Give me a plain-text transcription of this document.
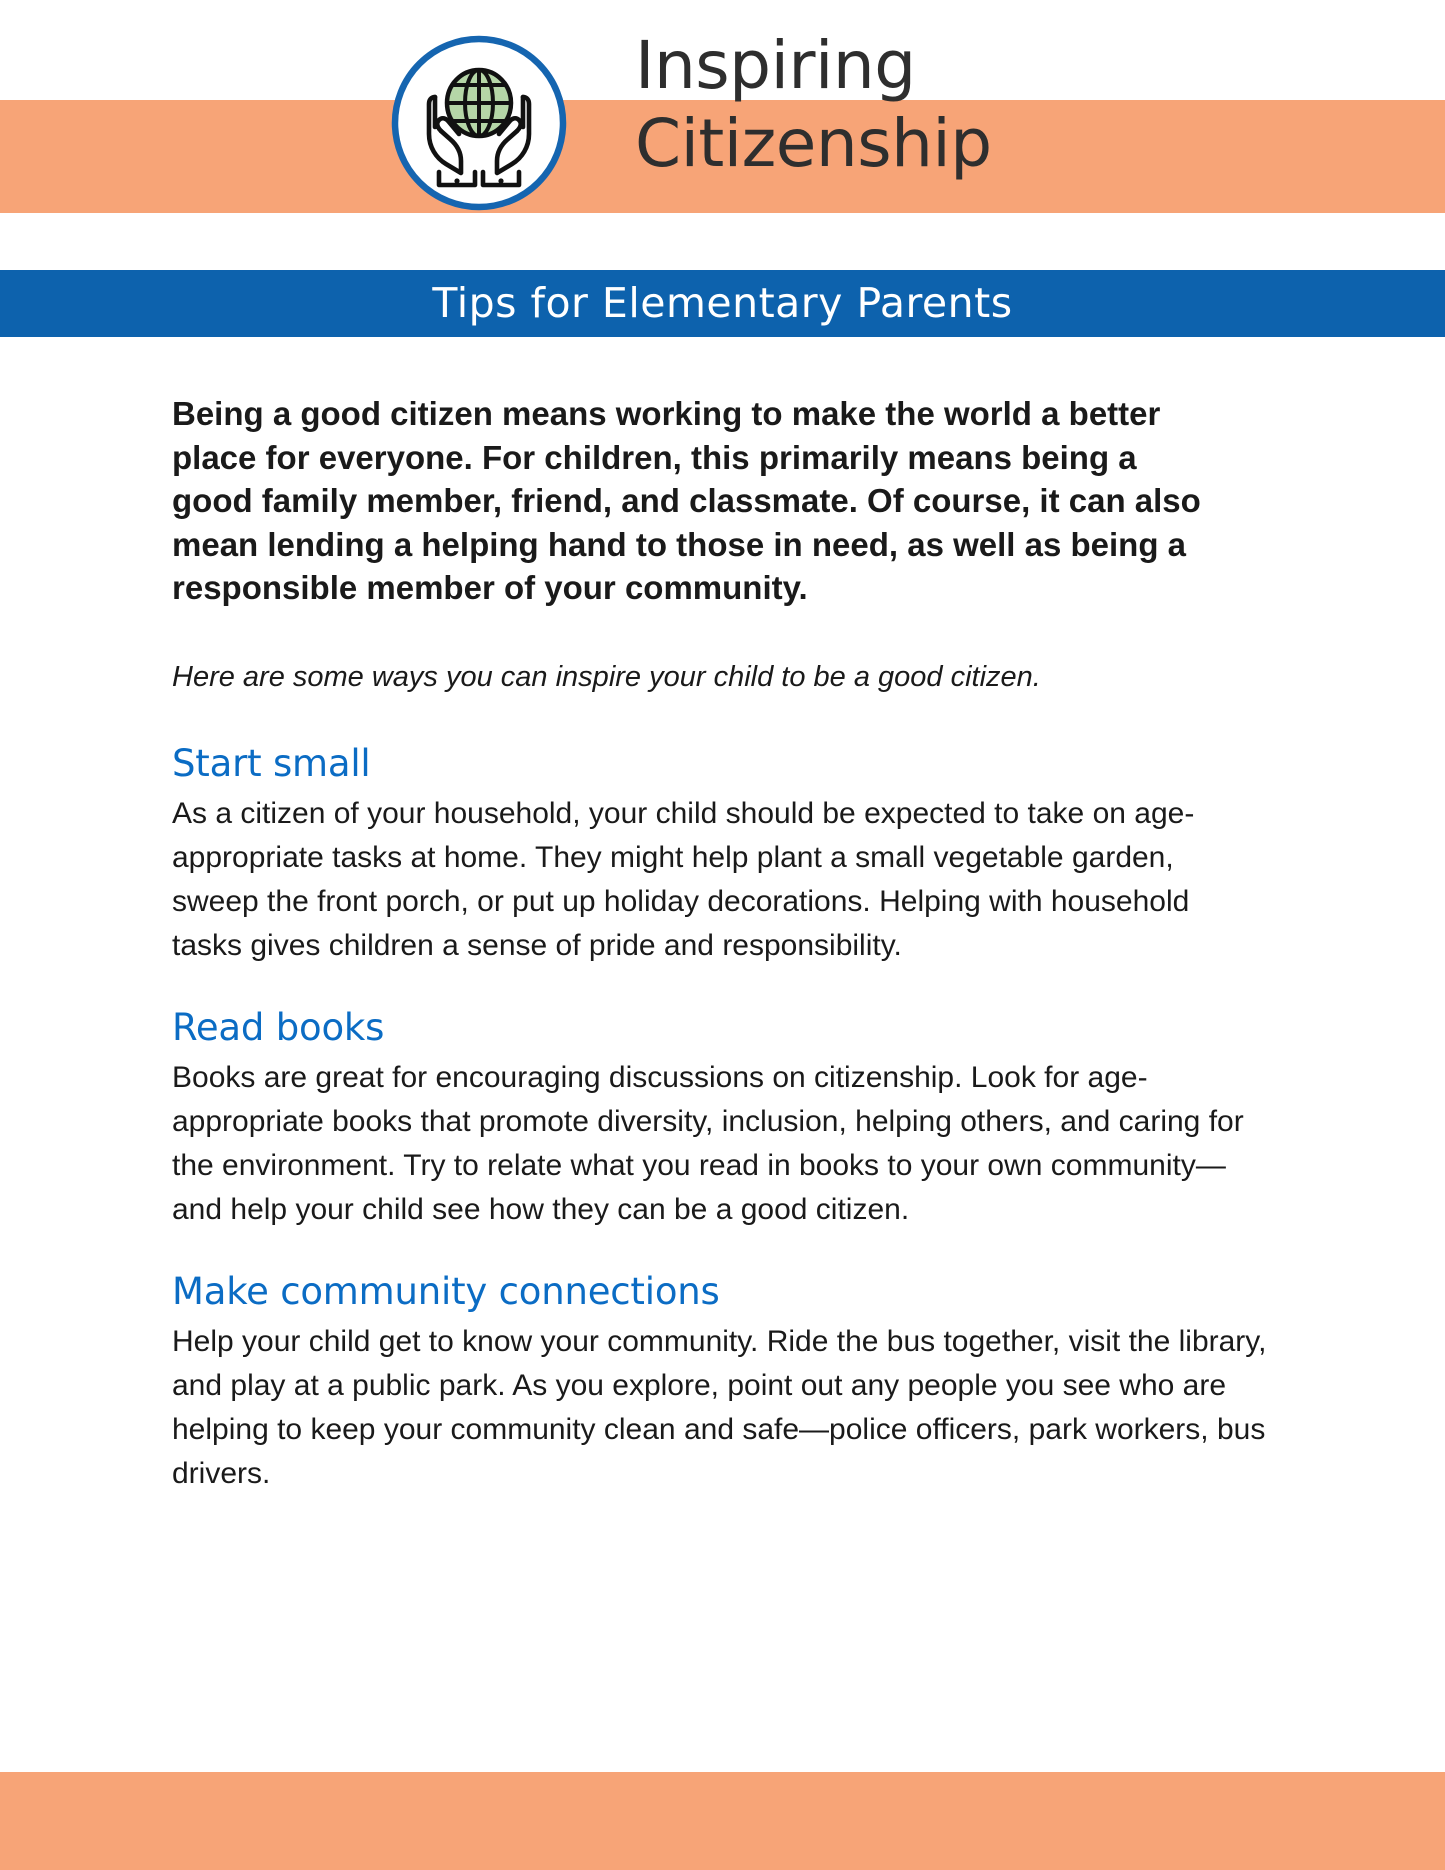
Inspiring
Citizenship
Tips for Elementary Parents

Being a good citizen means working to make the world a better place for everyone. For children, this primarily means being a good family member, friend, and classmate. Of course, it can also mean lending a helping hand to those in need, as well as being a responsible member of your community.

Here are some ways you can inspire your child to be a good citizen.

Start small

As a citizen of your household, your child should be expected to take on age-appropriate tasks at home. They might help plant a small vegetable garden, sweep the front porch, or put up holiday decorations. Helping with household tasks gives children a sense of pride and responsibility.

Read books

Books are great for encouraging discussions on citizenship. Look for age-appropriate books that promote diversity, inclusion, helping others, and caring for the environment. Try to relate what you read in books to your own community—and help your child see how they can be a good citizen.

Make community connections

Help your child get to know your community. Ride the bus together, visit the library, and play at a public park. As you explore, point out any people you see who are helping to keep your community clean and safe—police officers, park workers, bus drivers.
